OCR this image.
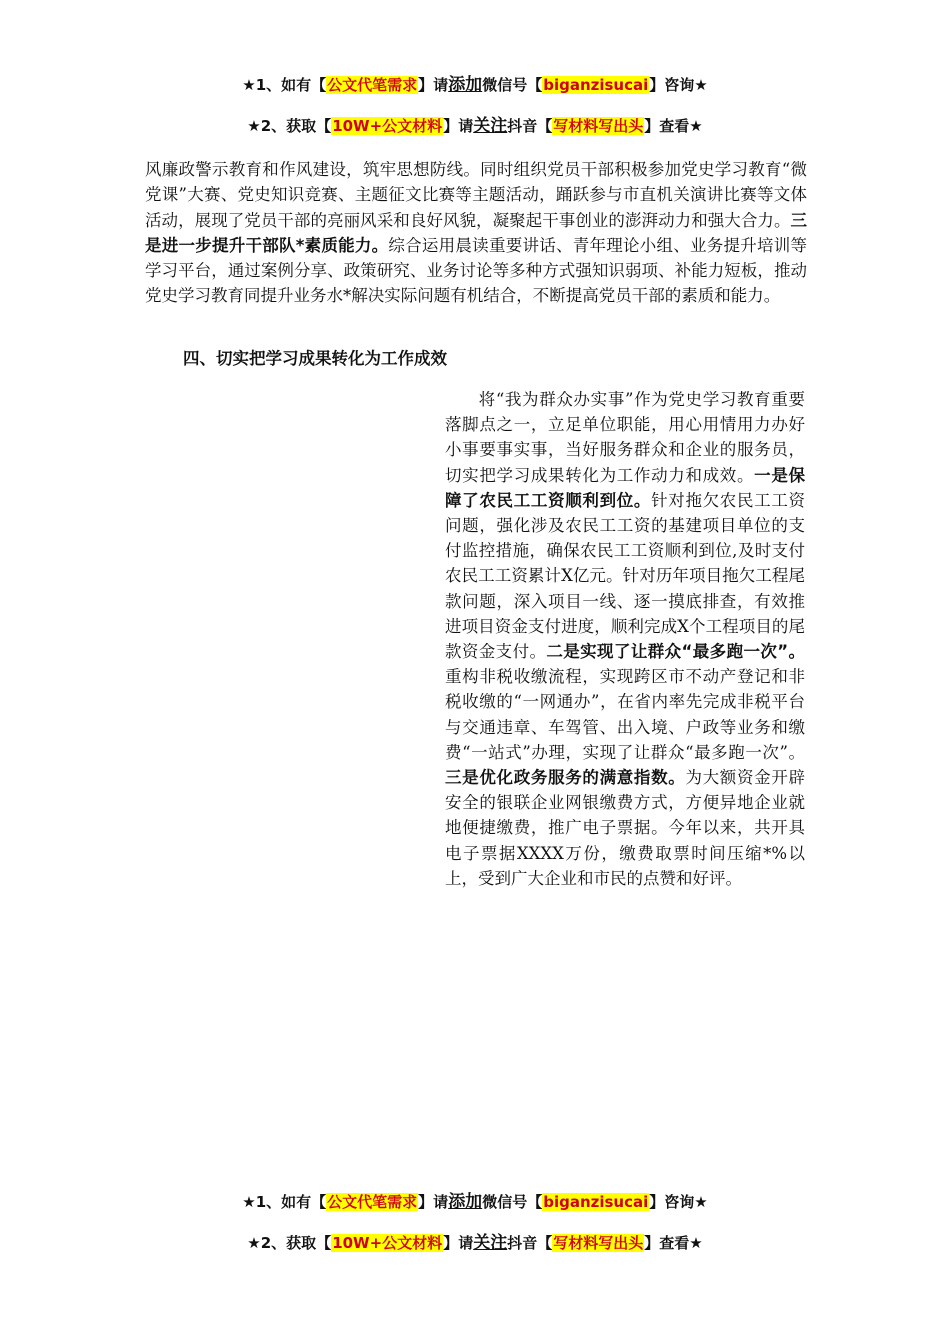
★1、如有【公文代笔需求】请添加微信号【biganzisucai】咨询★
★2、获取【10W+公文材料】请关注抖音【写材料写出头】查看★
风廉政警示教育和作风建设，筑牢思想防线。同时组织党员干部积极参加党史学习教育“微党课”大赛、党史知识竞赛、主题征文比赛等主题活动，踊跃参与市直机关演讲比赛等文体活动，展现了党员干部的亮丽风采和良好风貌，凝聚起干事创业的澎湃动力和强大合力。三是进一步提升干部队*素质能力。综合运用晨读重要讲话、青年理论小组、业务提升培训等学习平台，通过案例分享、政策研究、业务讨论等多种方式强知识弱项、补能力短板，推动党史学习教育同提升业务水*解决实际问题有机结合，不断提高党员干部的素质和能力。
四、切实把学习成果转化为工作成效
将“我为群众办实事”作为党史学习教育重要落脚点之一，立足单位职能，用心用情用力办好小事要事实事，当好服务群众和企业的服务员，切实把学习成果转化为工作动力和成效。一是保障了农民工工资顺利到位。针对拖欠农民工工资问题，强化涉及农民工工资的基建项目单位的支付监控措施，确保农民工工资顺利到位,及时支付农民工工资累计X亿元。针对历年项目拖欠工程尾款问题，深入项目一线、逐一摸底排查，有效推进项目资金支付进度，顺利完成X个工程项目的尾款资金支付。二是实现了让群众“最多跑一次”。重构非税收缴流程，实现跨区市不动产登记和非税收缴的“一网通办”，在省内率先完成非税平台与交通违章、车驾管、出入境、户政等业务和缴费“一站式”办理，实现了让群众“最多跑一次”。三是优化政务服务的满意指数。为大额资金开辟安全的银联企业网银缴费方式，方便异地企业就地便捷缴费，推广电子票据。今年以来，共开具电子票据XXXX万份，缴费取票时间压缩*%以上，受到广大企业和市民的点赞和好评。
★1、如有【公文代笔需求】请添加微信号【biganzisucai】咨询★
★2、获取【10W+公文材料】请关注抖音【写材料写出头】查看★
